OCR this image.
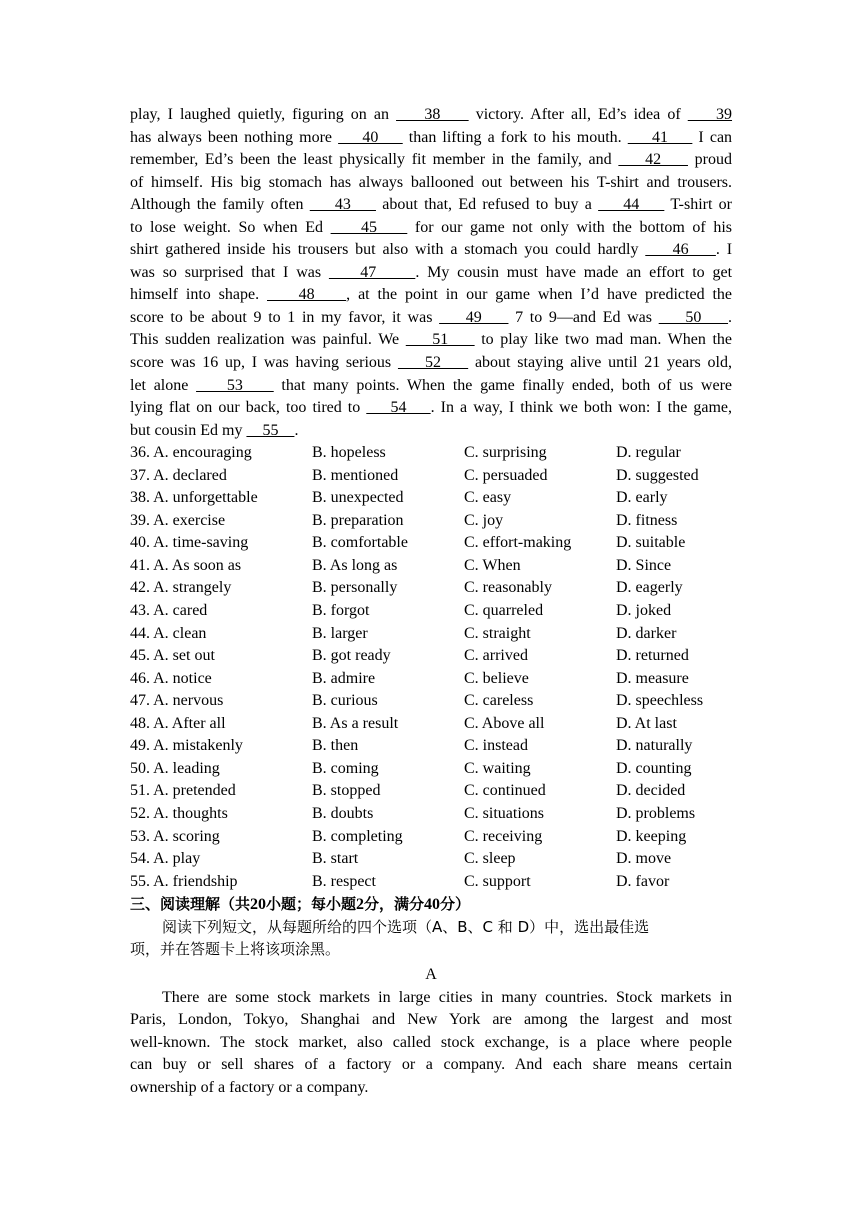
play, I laughed quietly, figuring on an     38     victory. After all, Ed’s idea of     39
has always been nothing more     40     than lifting a fork to his mouth.     41     I can
remember, Ed’s been the least physically fit member in the family, and     42     proud
of himself. His big stomach has always ballooned out between his T-shirt and trousers.
Although the family often     43     about that, Ed refused to buy a     44     T-shirt or
to lose weight. So when Ed     45     for our game not only with the bottom of his
shirt gathered inside his trousers but also with a stomach you could hardly     46    . I
was so surprised that I was     47     . My cousin must have made an effort to get
himself into shape.     48    , at the point in our game when I’d have predicted the
score to be about 9 to 1 in my favor, it was     49     7 to 9—and Ed was     50    .
This sudden realization was painful. We     51     to play like two mad man. When the
score was 16 up, I was having serious     52     about staying alive until 21 years old,
let alone     53     that many points. When the game finally ended, both of us were
lying flat on our back, too tired to     54    . In a way, I think we both won: I the game,
but cousin Ed my     55    .
36. A. encouraging	B. hopeless	C. surprising	D. regular
37. A. declared	B. mentioned	C. persuaded	D. suggested
38. A. unforgettable	B. unexpected	C. easy	D. early
39. A. exercise	B. preparation	C. joy	D. fitness
40. A. time-saving	B. comfortable	C. effort-making	D. suitable
41. A. As soon as	B. As long as	C. When	D. Since
42. A. strangely	B. personally	C. reasonably	D. eagerly
43. A. cared	B. forgot	C. quarreled	D. joked
44. A. clean	B. larger	C. straight	D. darker
45. A. set out	B. got ready	C. arrived	D. returned
46. A. notice	B. admire	C. believe	D. measure
47. A. nervous	B. curious	C. careless	D. speechless
48. A. After all	B. As a result	C. Above all	D. At last
49. A. mistakenly	B. then	C. instead	D. naturally
50. A. leading	B. coming	C. waiting	D. counting
51. A. pretended	B. stopped	C. continued	D. decided
52. A. thoughts	B. doubts	C. situations	D. problems
53. A. scoring	B. completing	C. receiving	D. keeping
54. A. play	B. start	C. sleep	D. move
55. A. friendship	B. respect	C. support	D. favor
三、阅读理解（共20小题；每小题2分，满分40分）
阅读下列短文，从每题所给的四个选项（A、B、C 和 D）中，选出最佳选
项，并在答题卡上将该项涂黑。
A
There are some stock markets in large cities in many countries. Stock markets in
Paris, London, Tokyo, Shanghai and New York are among the largest and most
well-known. The stock market, also called stock exchange, is a place where people
can buy or sell shares of a factory or a company. And each share means certain
ownership of a factory or a company.
